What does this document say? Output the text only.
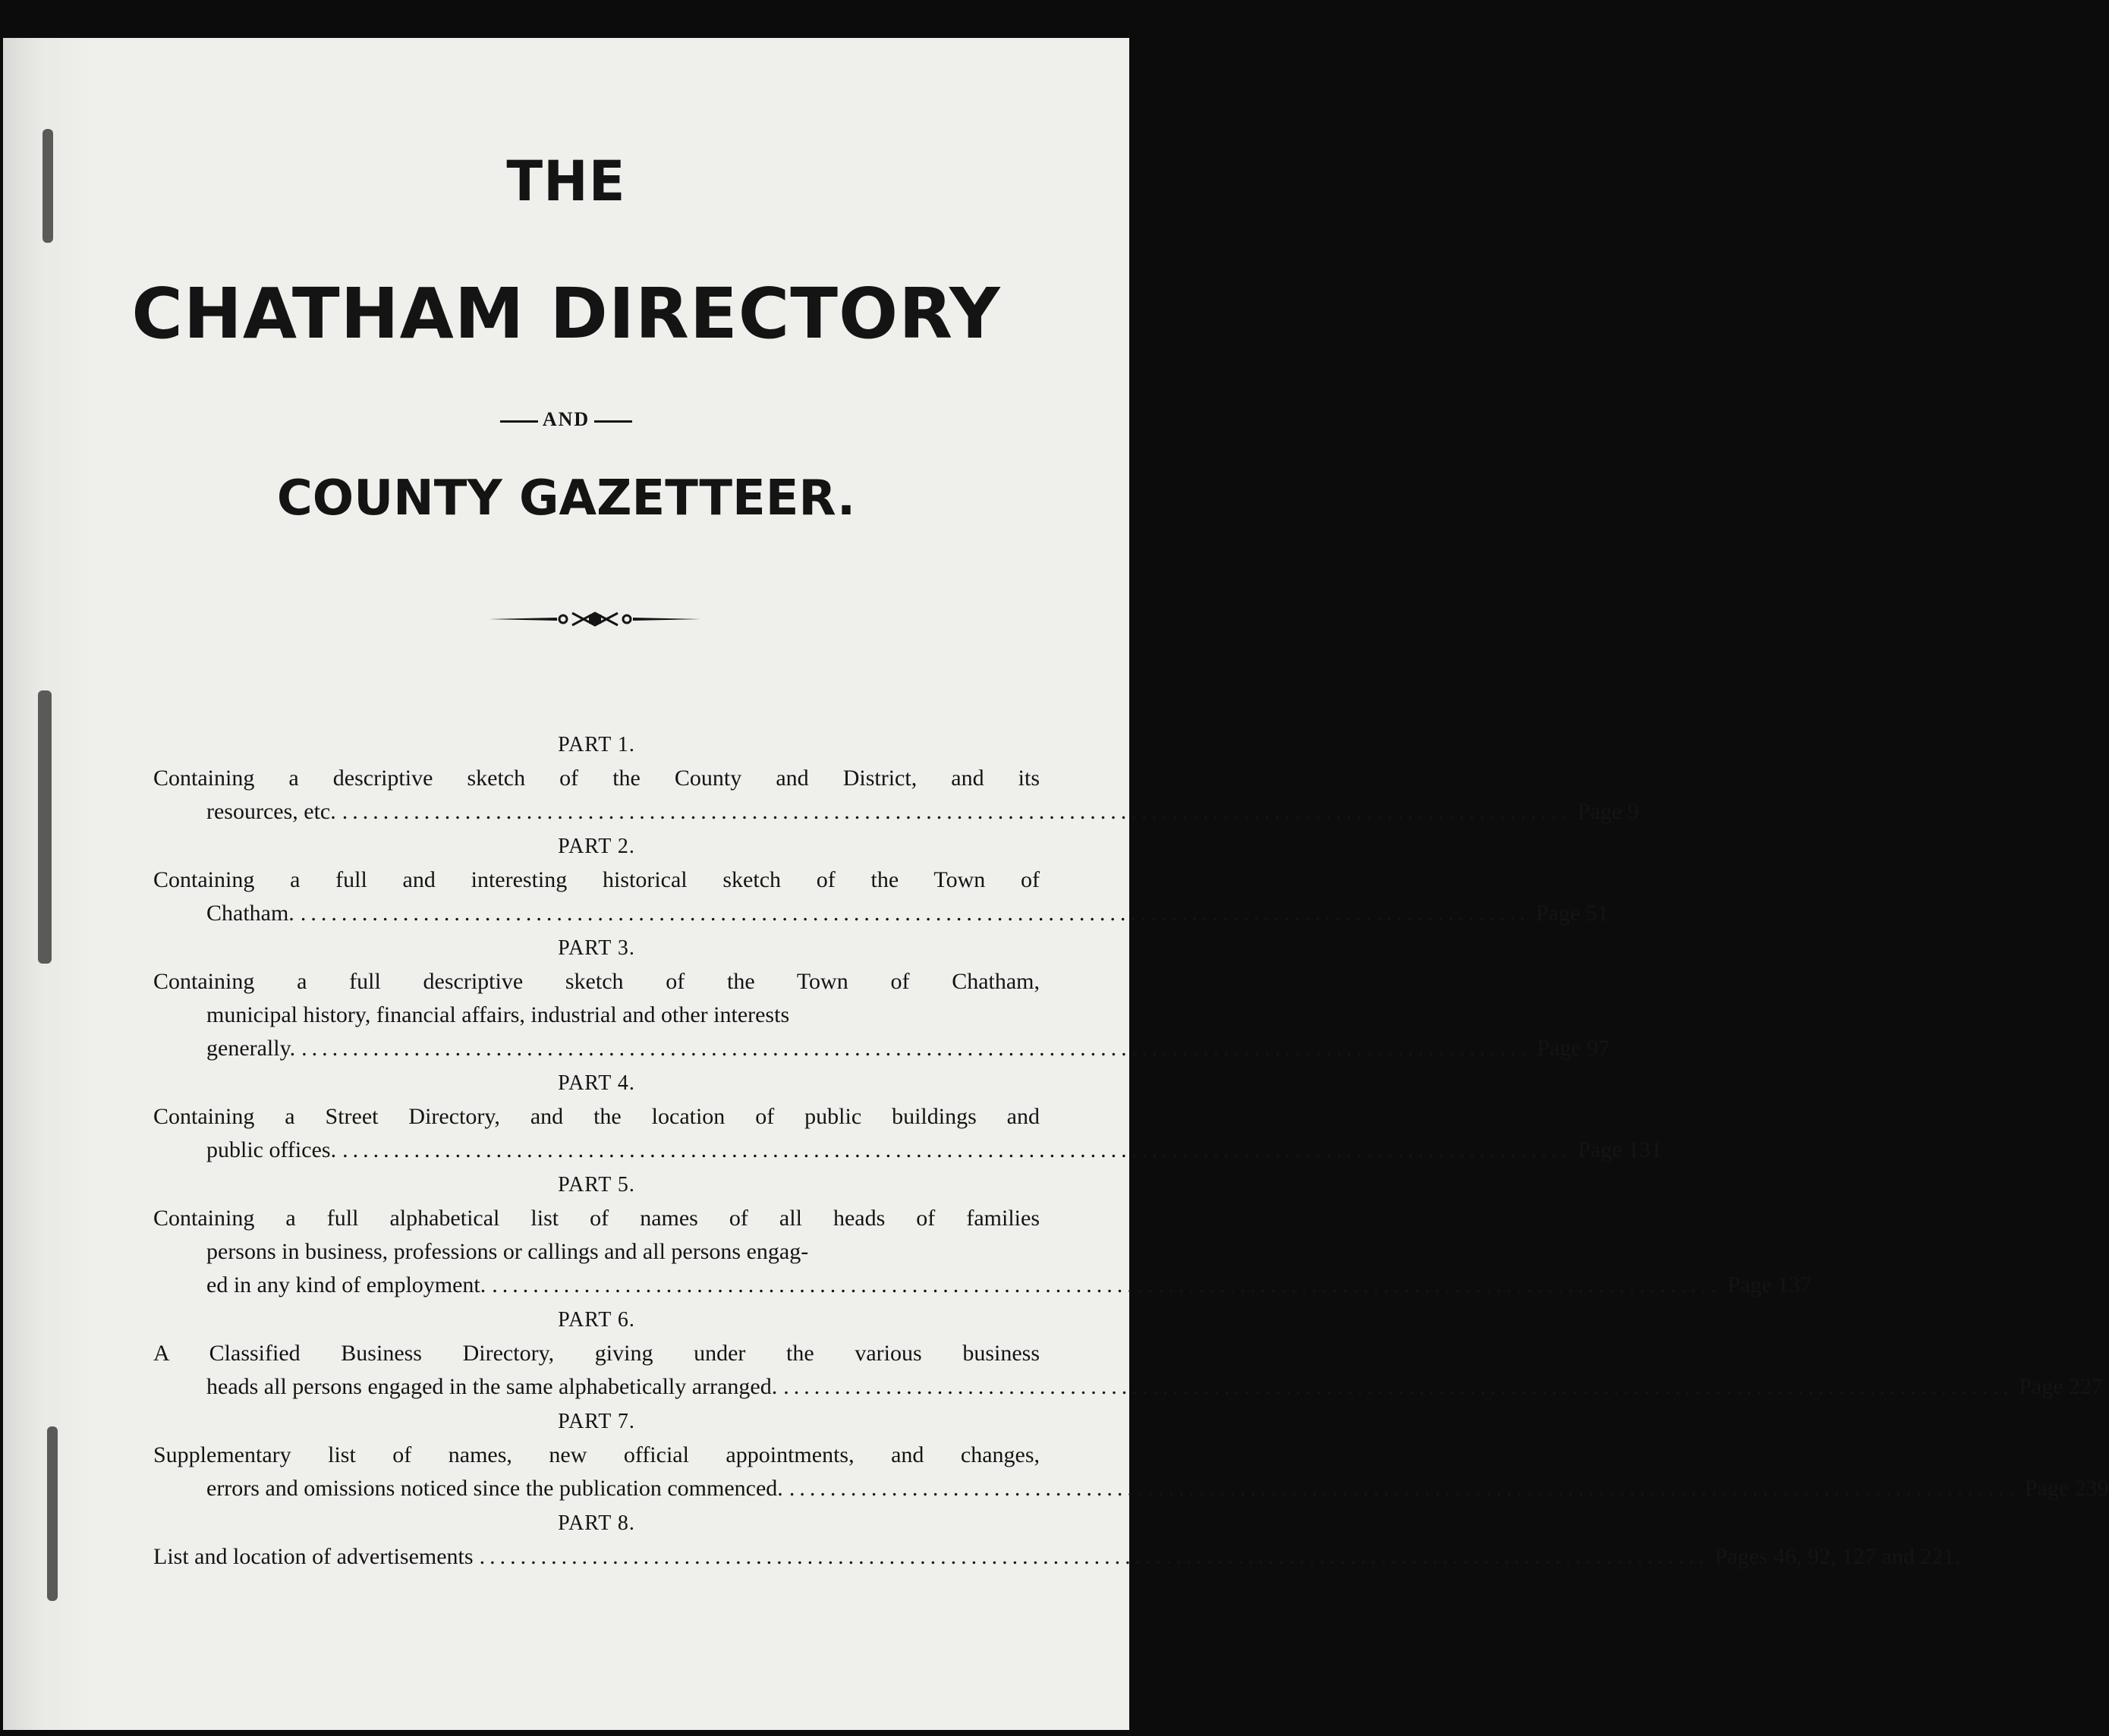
THE
CHATHAM DIRECTORY
AND
COUNTY GAZETTEER.
PART 1.
Containing a descriptive sketch of the County and District, and its
resources, etc. ........................................................................................................................ Page 9
PART 2.
Containing a full and interesting historical sketch of the Town of
Chatham. ........................................................................................................................ Page 51
PART 3.
Containing a full descriptive sketch of the Town of Chatham,
municipal history, financial affairs, industrial and other interests
generally. ........................................................................................................................ Page 97
PART 4.
Containing a Street Directory, and the location of public buildings and
public offices. ........................................................................................................................ Page 131
PART 5.
Containing a full alphabetical list of names of all heads of families
persons in business, professions or callings and all persons engag-
ed in any kind of employment. ........................................................................................................................ Page 137
PART 6.
A Classified Business Directory, giving under the various business
heads all persons engaged in the same alphabetically arranged. ........................................................................................................................ Page 227
PART 7.
Supplementary list of names, new official appointments, and changes,
errors and omissions noticed since the publication commenced. ........................................................................................................................ Page 239
PART 8.
List and location of advertisements ........................................................................................................................ Pages 46, 92, 127 and 221.
